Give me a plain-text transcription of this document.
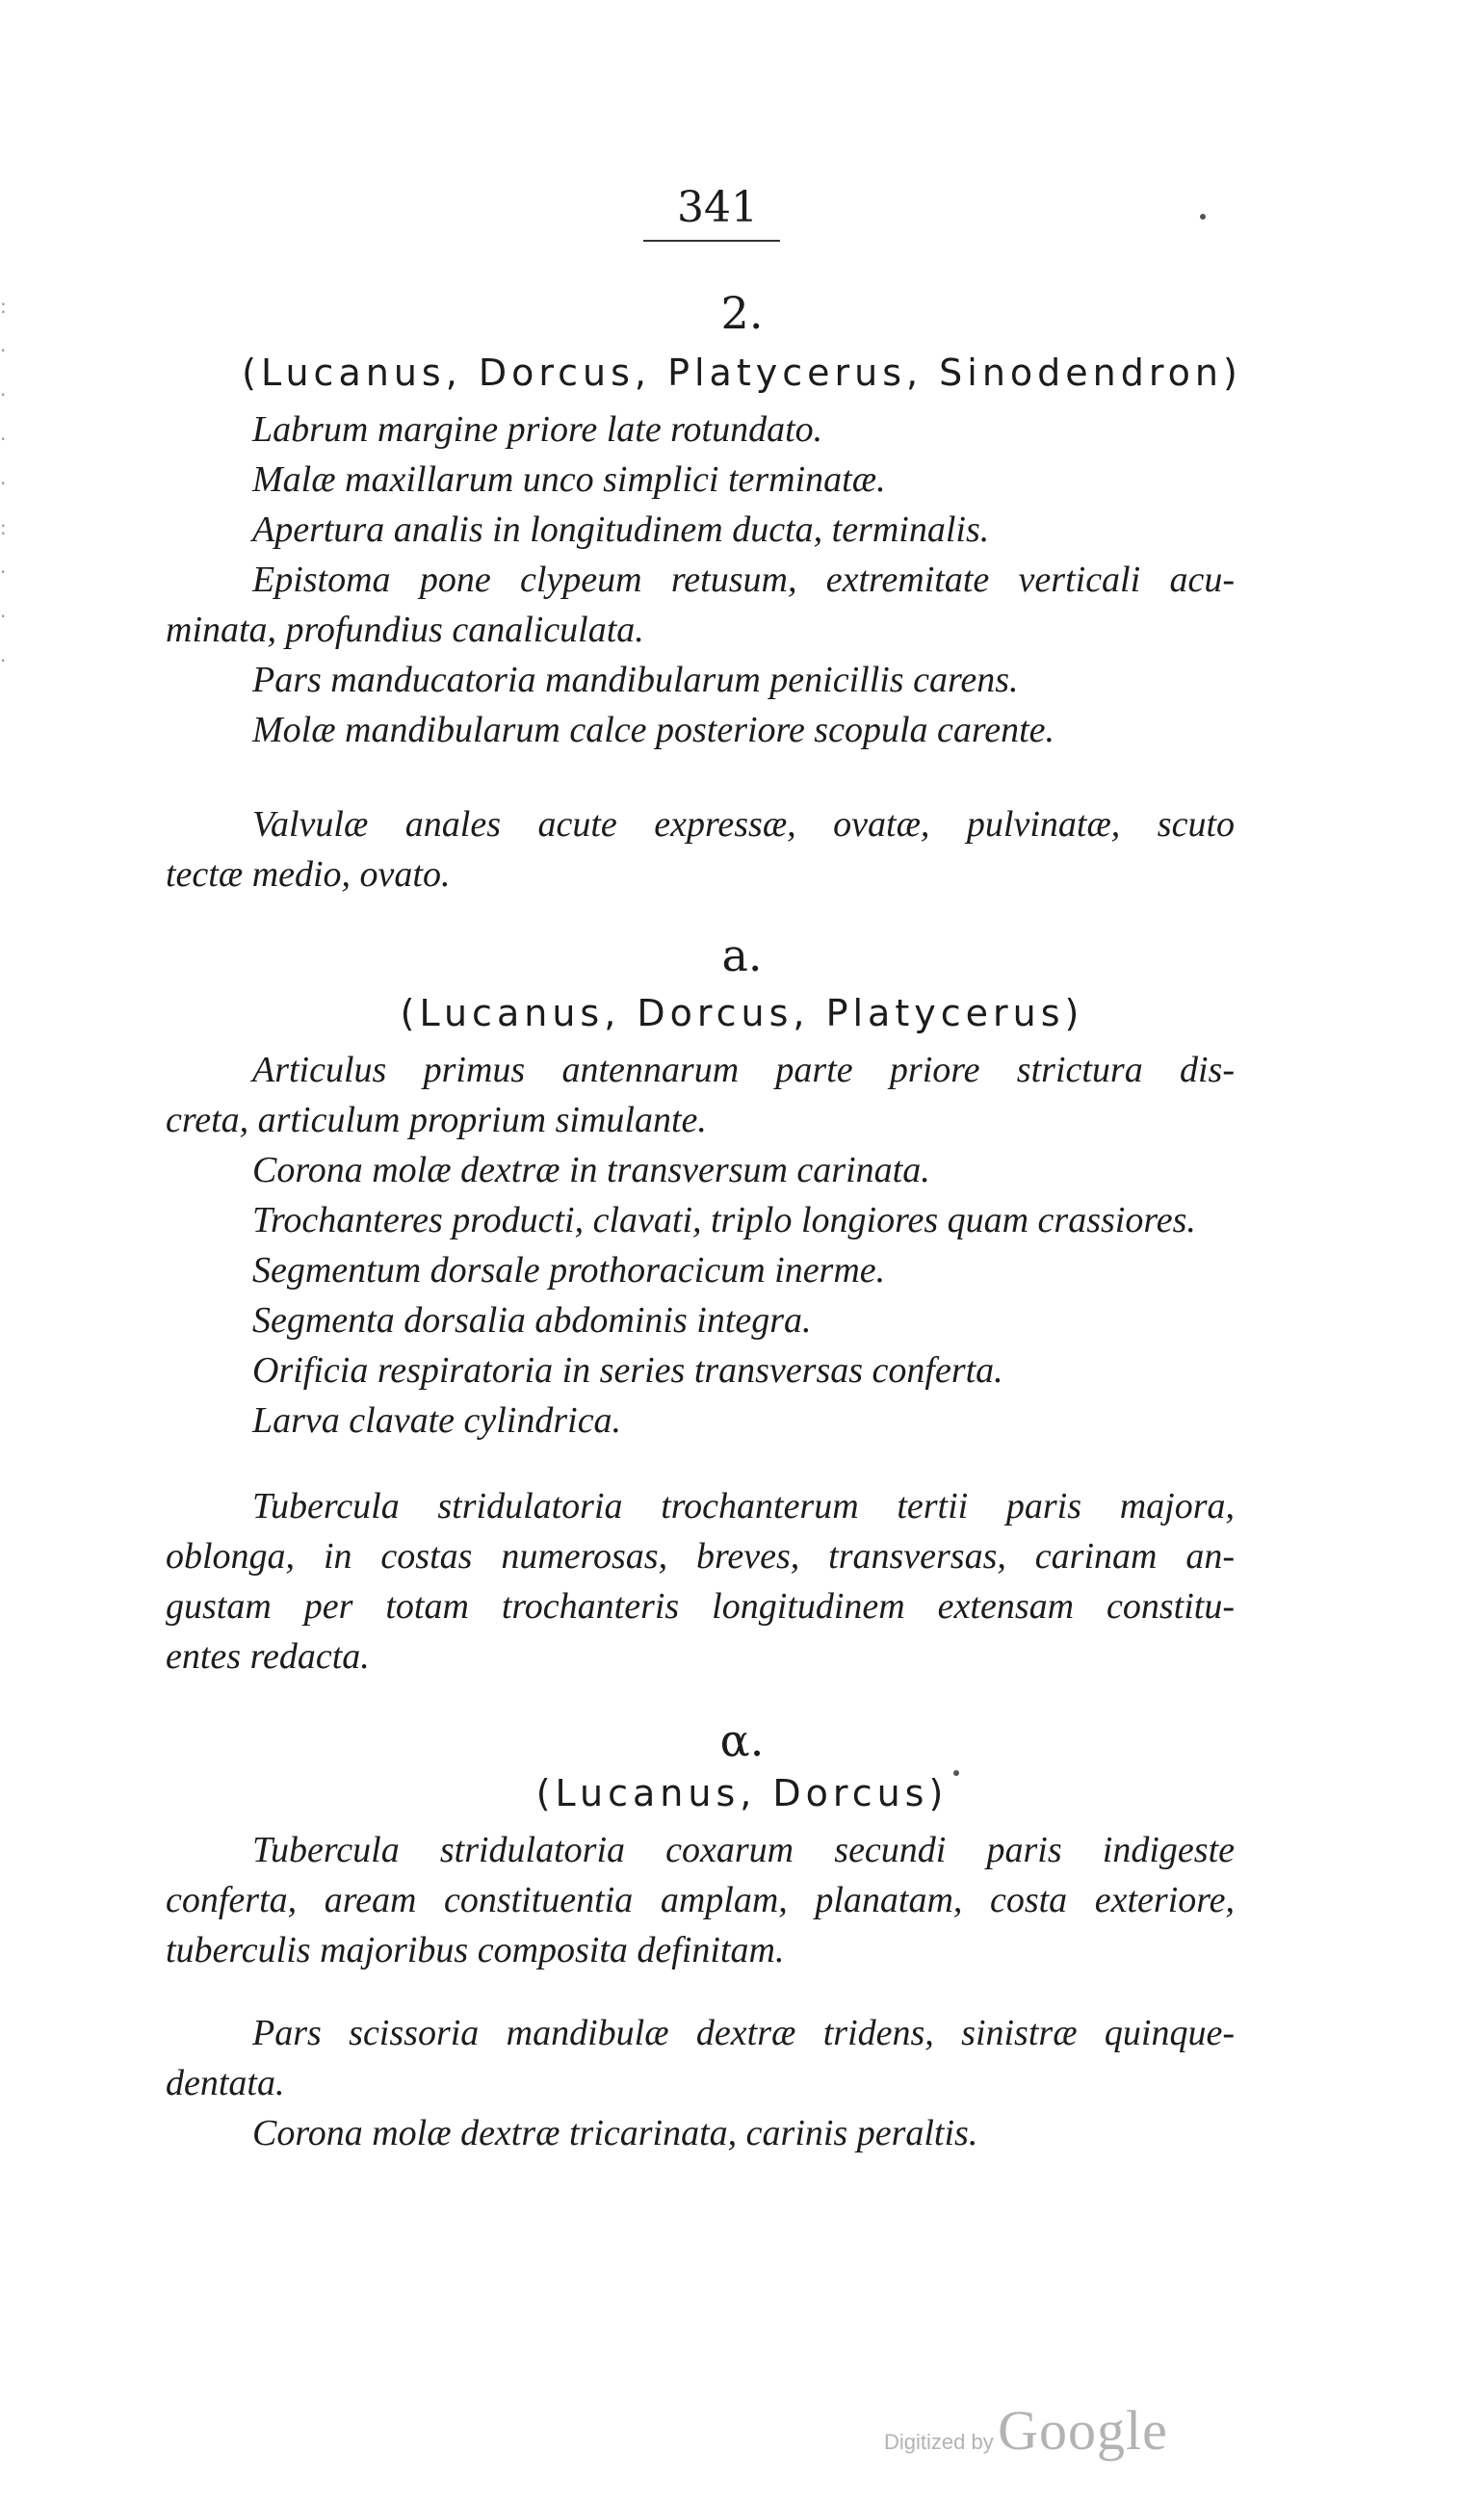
341
:
·
·
·
·
:
·
·
·
2.
(Lucanus, Dorcus, Platycerus, Sinodendron)

Labrum margine priore late rotundato.

Malæ maxillarum unco simplici terminatæ.

Apertura analis in longitudinem ducta, terminalis.

Epistoma pone clypeum retusum, extremitate verticali acu-

minata, profundius canaliculata.

Pars manducatoria mandibularum penicillis carens.

Molæ mandibularum calce posteriore scopula carente.

Valvulæ anales acute expressæ, ovatæ, pulvinatæ, scuto

tectæ medio, ovato.

a.
(Lucanus, Dorcus, Platycerus)

Articulus primus antennarum parte priore strictura dis-

creta, articulum proprium simulante.

Corona molæ dextræ in transversum carinata.

Trochanteres producti, clavati, triplo longiores quam crassiores.

Segmentum dorsale prothoracicum inerme.

Segmenta dorsalia abdominis integra.

Orificia respiratoria in series transversas conferta.

Larva clavate cylindrica.

Tubercula stridulatoria trochanterum tertii paris majora,

oblonga, in costas numerosas, breves, transversas, carinam an-

gustam per totam trochanteris longitudinem extensam constitu-

entes redacta.

α.
(Lucanus, Dorcus)

Tubercula stridulatoria coxarum secundi paris indigeste

conferta, aream constituentia amplam, planatam, costa exteriore,

tuberculis majoribus composita definitam.

Pars scissoria mandibulæ dextræ tridens, sinistræ quinque-

dentata.

Corona molæ dextræ tricarinata, carinis peraltis.

Digitized by Google
